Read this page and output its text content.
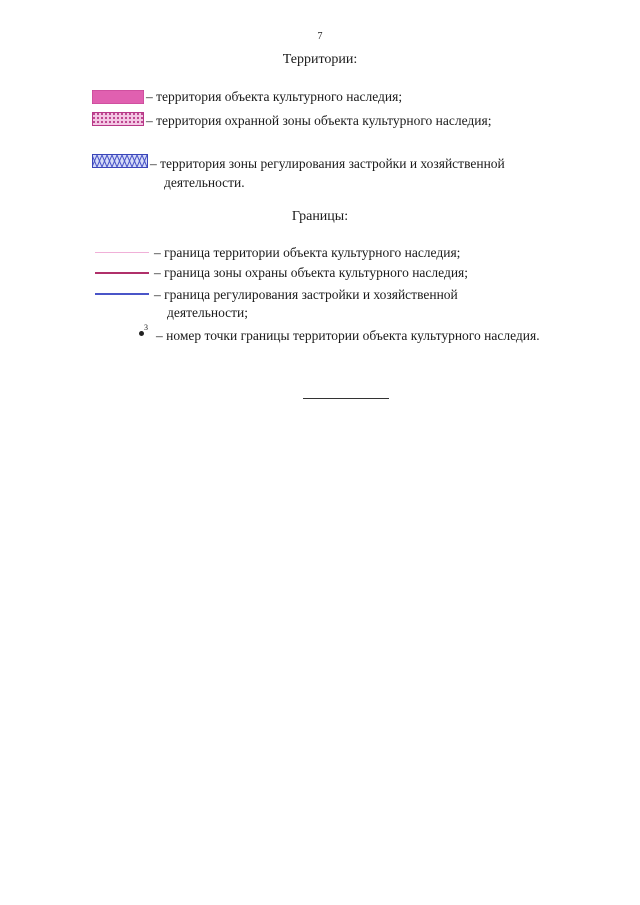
7
Территории:
– территория объекта культурного наследия;
– территория охранной зоны объекта культурного наследия;
– территория зоны регулирования застройки и хозяйственной
деятельности.
Границы:
– граница территории объекта культурного наследия;
– граница зоны охраны объекта культурного наследия;
– граница регулирования застройки и хозяйственной
деятельности;
3
– номер точки границы территории объекта культурного наследия.
